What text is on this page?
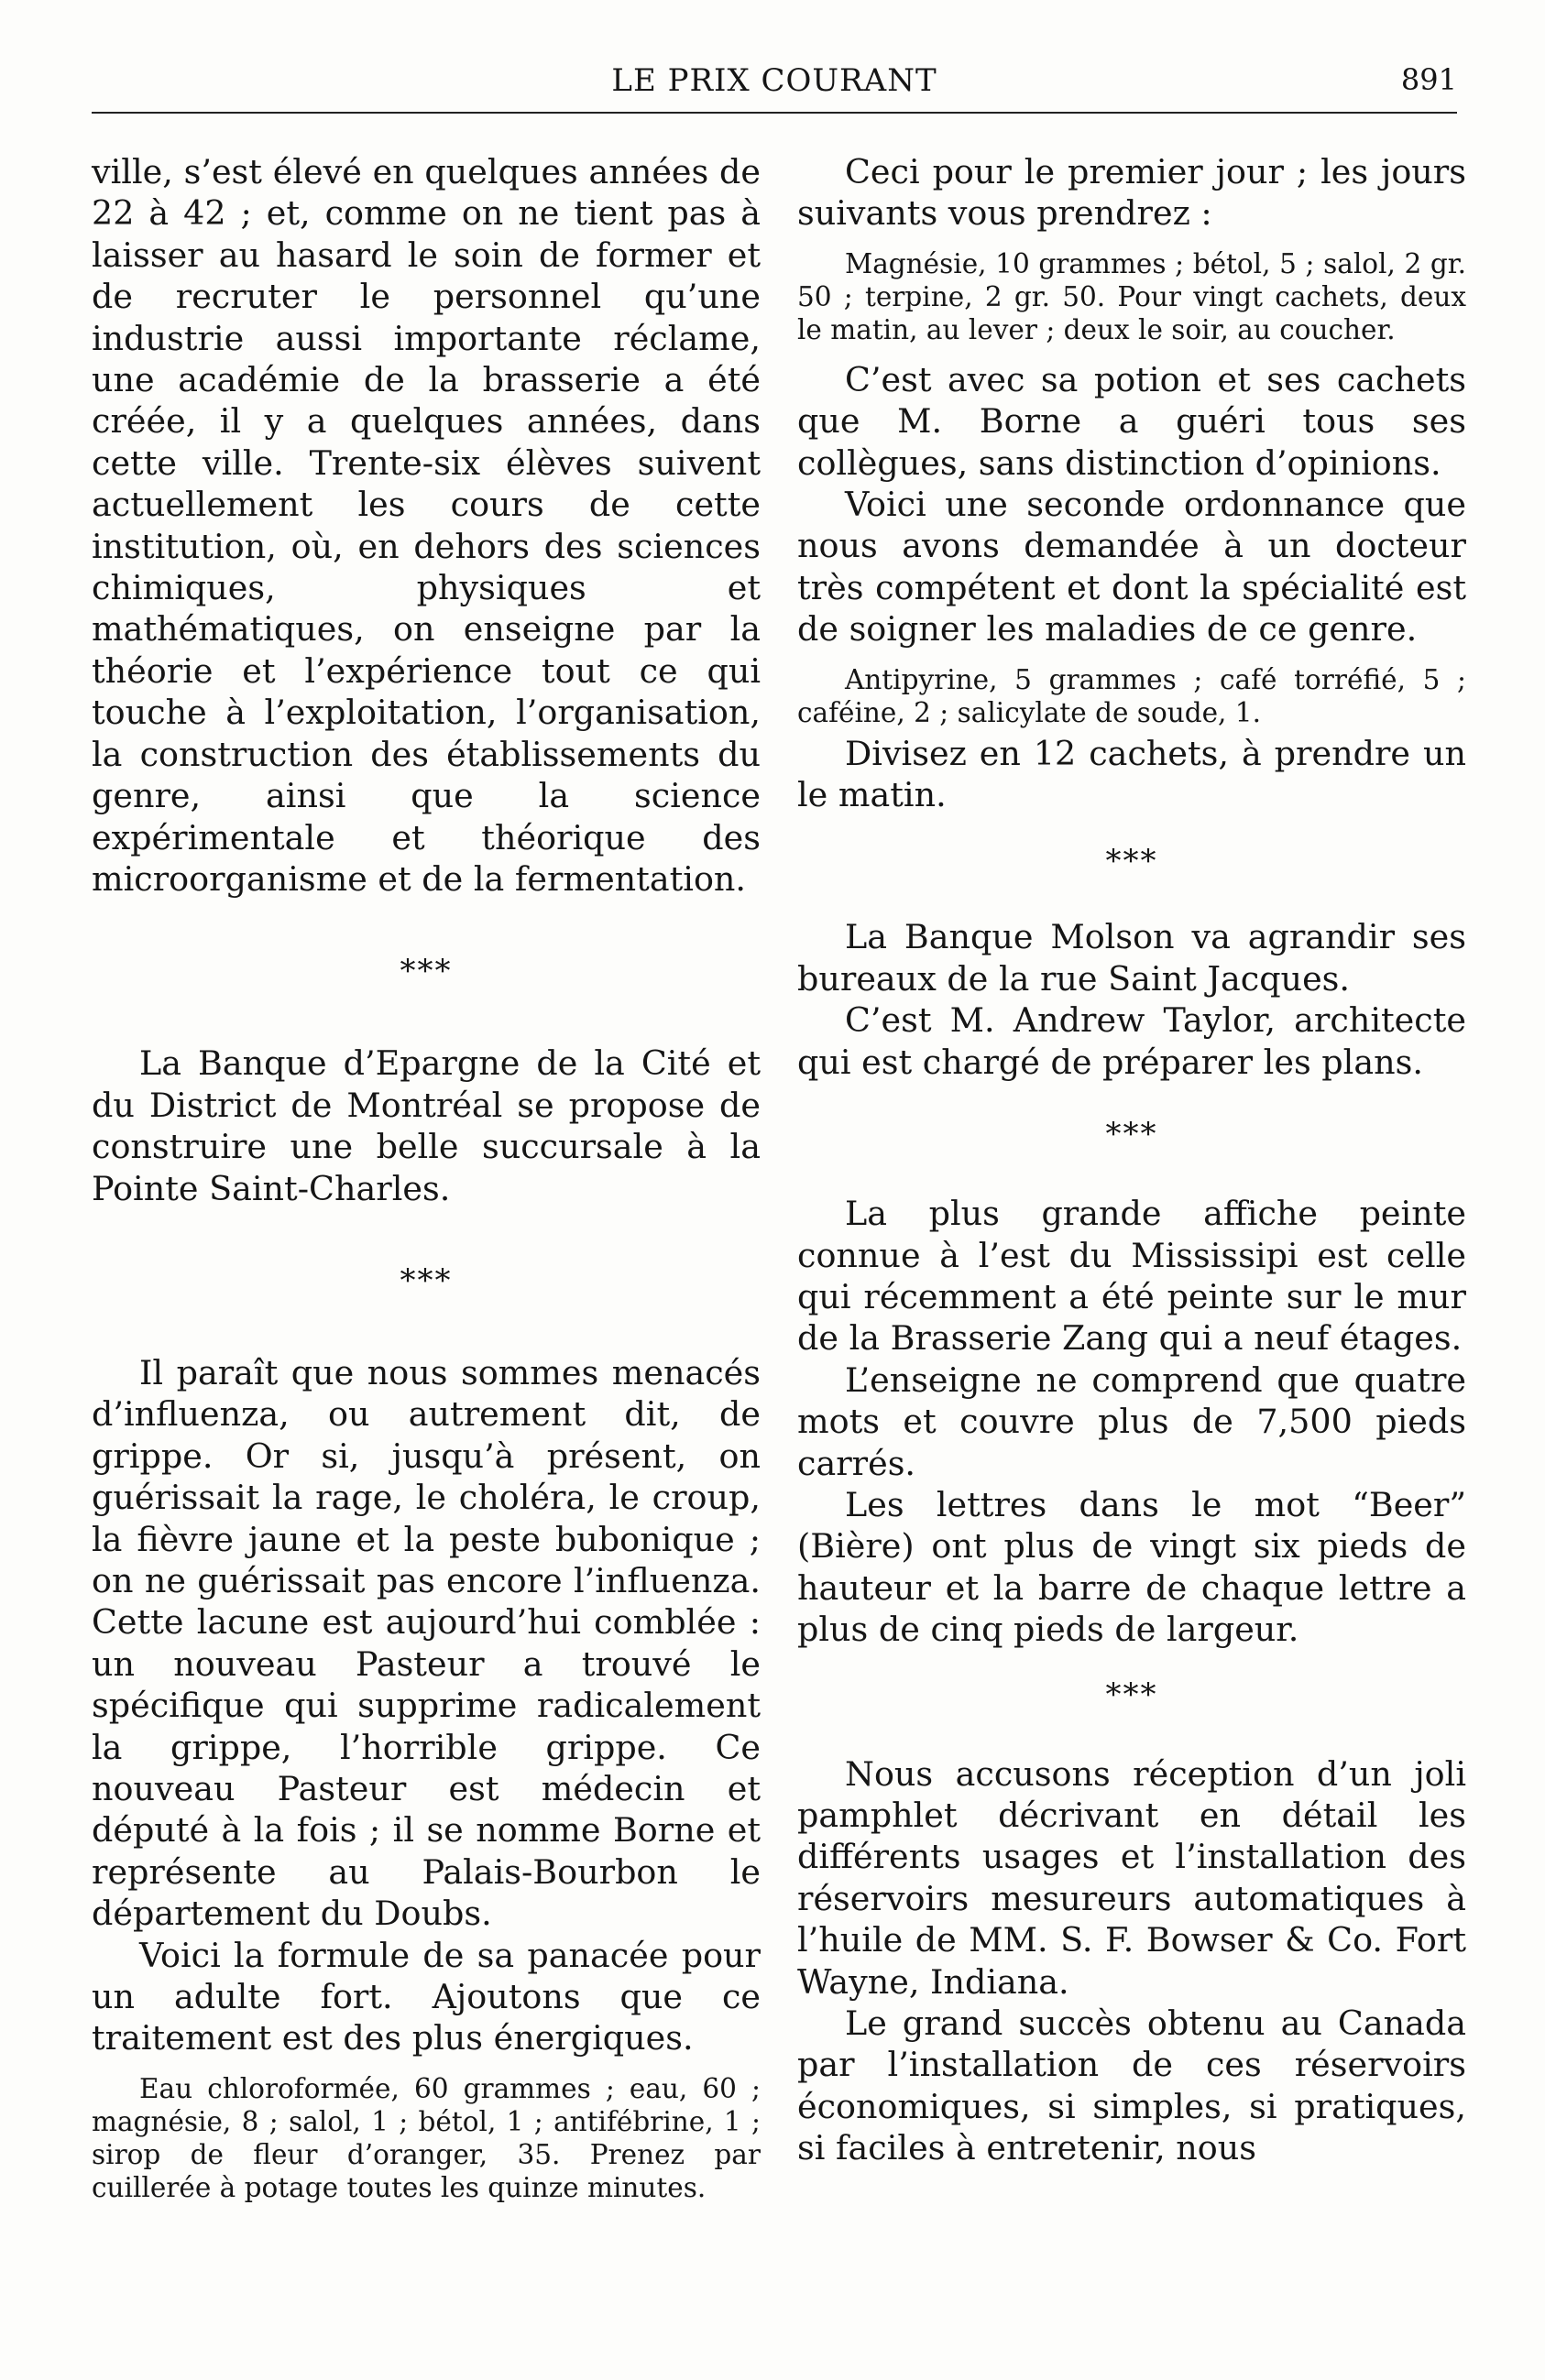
LE PRIX COURANT	891

ville, s’est élevé en quelques années de 22 à 42 ; et, comme on ne tient pas à laisser au hasard le soin de former et de recruter le personnel qu’une industrie aussi importante réclame, une académie de la brasserie a été créée, il y a quelques années, dans cette ville. Trente-six élèves suivent actuellement les cours de cette institution, où, en dehors des sciences chimiques, physiques et mathématiques, on enseigne par la théorie et l’expérience tout ce qui touche à l’exploitation, l’organisation, la construction des établissements du genre, ainsi que la science expérimentale et théorique des microorganisme et de la fermentation.

***

La Banque d’Epargne de la Cité et du District de Montréal se propose de construire une belle succursale à la Pointe Saint-Charles.

***

Il paraît que nous sommes menacés d’influenza, ou autrement dit, de grippe. Or si, jusqu’à présent, on guérissait la rage, le choléra, le croup, la fièvre jaune et la peste bubonique ; on ne guérissait pas encore l’influenza. Cette lacune est aujourd’hui comblée : un nouveau Pasteur a trouvé le spécifique qui supprime radicalement la grippe, l’horrible grippe. Ce nouveau Pasteur est médecin et député à la fois ; il se nomme Borne et représente au Palais-Bourbon le département du Doubs.

Voici la formule de sa panacée pour un adulte fort. Ajoutons que ce traitement est des plus énergiques.

Eau chloroformée, 60 grammes ; eau, 60 ; magnésie, 8 ; salol, 1 ; bétol, 1 ; antifébrine, 1 ; sirop de fleur d’oranger, 35. Prenez par cuillerée à potage toutes les quinze minutes.

Ceci pour le premier jour ; les jours suivants vous prendrez :

Magnésie, 10 grammes ; bétol, 5 ; salol, 2 gr. 50 ; terpine, 2 gr. 50. Pour vingt cachets, deux le matin, au lever ; deux le soir, au coucher.

C’est avec sa potion et ses cachets que M. Borne a guéri tous ses collègues, sans distinction d’opinions.

Voici une seconde ordonnance que nous avons demandée à un docteur très compétent et dont la spécialité est de soigner les maladies de ce genre.

Antipyrine, 5 grammes ; café torréfié, 5 ; caféine, 2 ; salicylate de soude, 1.

Divisez en 12 cachets, à prendre un le matin.

***

La Banque Molson va agrandir ses bureaux de la rue Saint Jacques.

C’est M. Andrew Taylor, architecte qui est chargé de préparer les plans.

***

La plus grande affiche peinte connue à l’est du Mississipi est celle qui récemment a été peinte sur le mur de la Brasserie Zang qui a neuf étages.

L’enseigne ne comprend que quatre mots et couvre plus de 7,500 pieds carrés.

Les lettres dans le mot “Beer” (Bière) ont plus de vingt six pieds de hauteur et la barre de chaque lettre a plus de cinq pieds de largeur.

***

Nous accusons réception d’un joli pamphlet décrivant en détail les différents usages et l’installation des réservoirs mesureurs automatiques à l’huile de MM. S. F. Bowser & Co. Fort Wayne, Indiana.

Le grand succès obtenu au Canada par l’installation de ces réservoirs économiques, si simples, si pratiques, si faciles à entretenir, nous
